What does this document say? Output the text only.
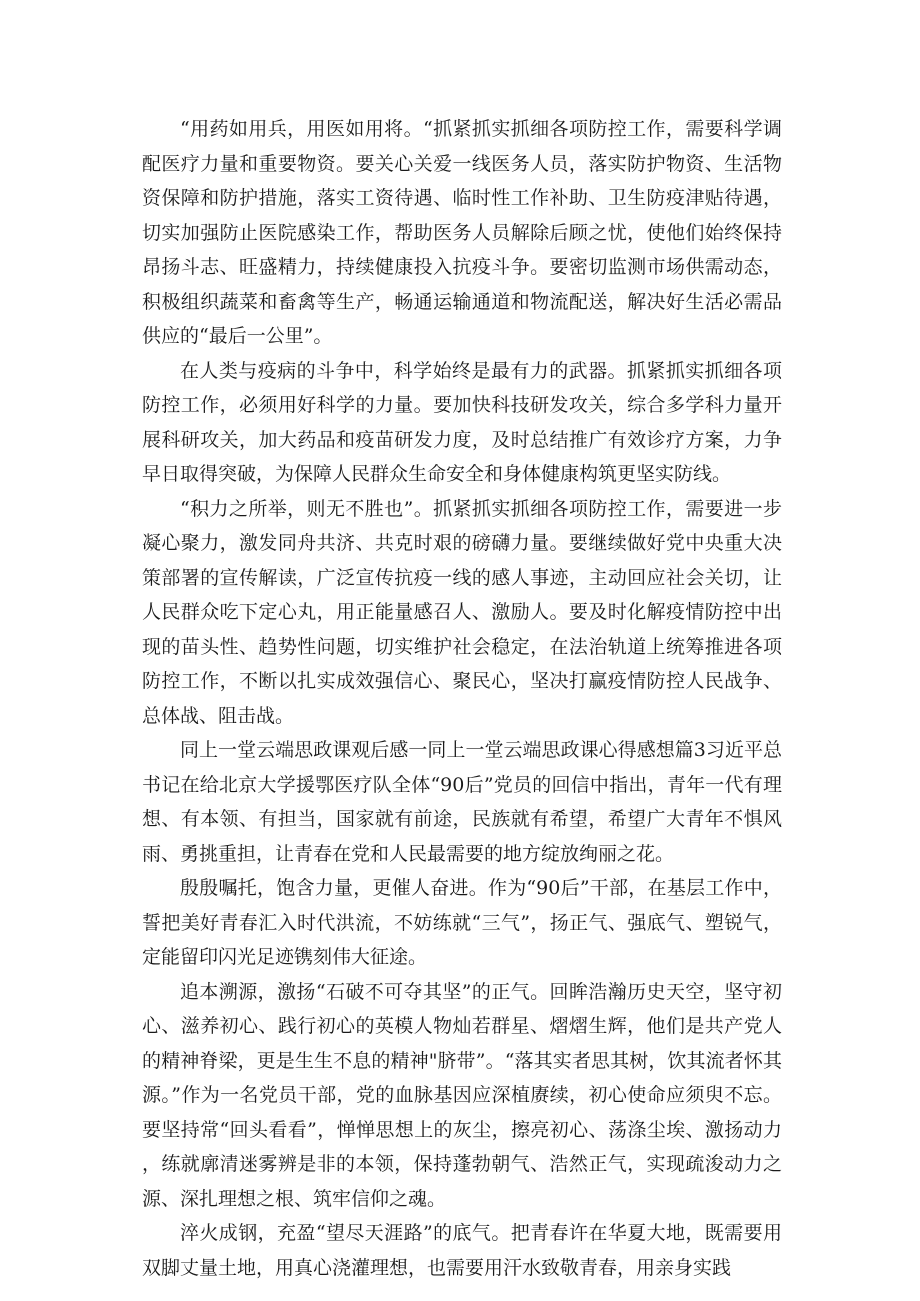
“用药如用兵，用医如用将。“抓紧抓实抓细各项防控工作，需要科学调配医疗力量和重要物资。要关心关爱一线医务人员，落实防护物资、生活物资保障和防护措施，落实工资待遇、临时性工作补助、卫生防疫津贴待遇，切实加强防止医院感染工作，帮助医务人员解除后顾之忧，使他们始终保持昂扬斗志、旺盛精力，持续健康投入抗疫斗争。要密切监测市场供需动态，积极组织蔬菜和畜禽等生产，畅通运输通道和物流配送，解决好生活必需品供应的“最后一公里”。

在人类与疫病的斗争中，科学始终是最有力的武器。抓紧抓实抓细各项防控工作，必须用好科学的力量。要加快科技研发攻关，综合多学科力量开展科研攻关，加大药品和疫苗研发力度，及时总结推广有效诊疗方案，力争早日取得突破，为保障人民群众生命安全和身体健康构筑更坚实防线。

“积力之所举，则无不胜也”。抓紧抓实抓细各项防控工作，需要进一步凝心聚力，激发同舟共济、共克时艰的磅礴力量。要继续做好党中央重大决策部署的宣传解读，广泛宣传抗疫一线的感人事迹，主动回应社会关切，让人民群众吃下定心丸，用正能量感召人、激励人。要及时化解疫情防控中出现的苗头性、趋势性问题，切实维护社会稳定，在法治轨道上统筹推进各项防控工作，不断以扎实成效强信心、聚民心，坚决打赢疫情防控人民战争、总体战、阻击战。

同上一堂云端思政课观后感一同上一堂云端思政课心得感想篇3习近平总书记在给北京大学援鄂医疗队全体“90后”党员的回信中指出，青年一代有理想、有本领、有担当，国家就有前途，民族就有希望，希望广大青年不惧风雨、勇挑重担，让青春在党和人民最需要的地方绽放绚丽之花。

殷殷嘱托，饱含力量，更催人奋进。作为“90后”干部，在基层工作中，誓把美好青春汇入时代洪流，不妨练就“三气”，扬正气、强底气、塑锐气，定能留印闪光足迹镌刻伟大征途。

追本溯源，激扬“石破不可夺其坚”的正气。回眸浩瀚历史天空，坚守初心、滋养初心、践行初心的英模人物灿若群星、熠熠生辉，他们是共产党人的精神脊梁，更是生生不息的精神"脐带”。“落其实者思其树，饮其流者怀其源。”作为一名党员干部，党的血脉基因应深植赓续，初心使命应须臾不忘。要坚持常“回头看看”，惮惮思想上的灰尘，擦亮初心、荡涤尘埃、激扬动力，练就廓清迷雾辨是非的本领，保持蓬勃朝气、浩然正气，实现疏浚动力之源、深扎理想之根、筑牢信仰之魂。

淬火成钢，充盈“望尽天涯路”的底气。把青春许在华夏大地，既需要用双脚丈量土地，用真心浇灌理想，也需要用汗水致敬青春，用亲身实践
